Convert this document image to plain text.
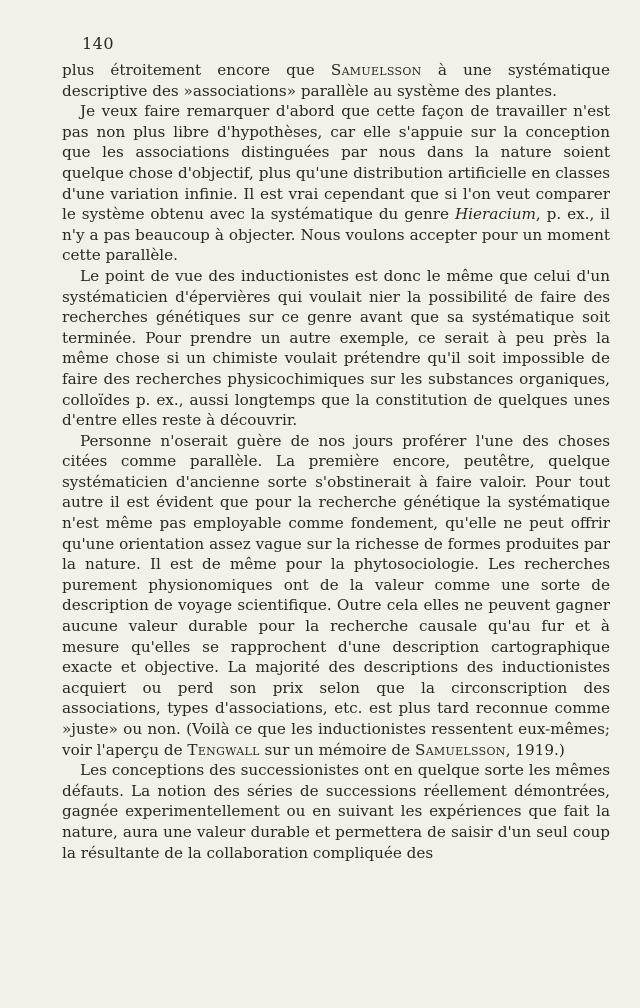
140

plus étroitement encore que Samuelsson à une systématique descriptive des »associations» parallèle au système des plantes.

Je veux faire remarquer d'abord que cette façon de travailler n'est pas non plus libre d'hypothèses, car elle s'appuie sur la conception que les associations distinguées par nous dans la nature soient quelque chose d'objectif, plus qu'une distribution artificielle en classes d'une variation infinie. Il est vrai cependant que si l'on veut comparer le système obtenu avec la systématique du genre Hieracium, p. ex., il n'y a pas beaucoup à objecter. Nous voulons accepter pour un moment cette parallèle.

Le point de vue des inductionistes est donc le même que celui d'un systématicien d'épervières qui voulait nier la possibilité de faire des recherches génétiques sur ce genre avant que sa systématique soit terminée. Pour prendre un autre exemple, ce serait à peu près la même chose si un chimiste voulait prétendre qu'il soit impossible de faire des recherches physicochimiques sur les substances organiques, colloïdes p. ex., aussi longtemps que la constitution de quelques unes d'entre elles reste à découvrir.

Personne n'oserait guère de nos jours proférer l'une des choses citées comme parallèle. La première encore, peutêtre, quelque systématicien d'ancienne sorte s'obstinerait à faire valoir. Pour tout autre il est évident que pour la recherche génétique la systématique n'est même pas employable comme fondement, qu'elle ne peut offrir qu'une orientation assez vague sur la richesse de formes produites par la nature. Il est de même pour la phytosociologie. Les recherches purement physionomiques ont de la valeur comme une sorte de description de voyage scientifique. Outre cela elles ne peuvent gagner aucune valeur durable pour la recherche causale qu'au fur et à mesure qu'elles se rapprochent d'une description cartographique exacte et objective. La majorité des descriptions des inductionistes acquiert ou perd son prix selon que la circonscription des associations, types d'associations, etc. est plus tard reconnue comme »juste» ou non. (Voilà ce que les inductionistes ressentent eux-mêmes; voir l'aperçu de Tengwall sur un mémoire de Samuelsson, 1919.)

Les conceptions des successionistes ont en quelque sorte les mêmes défauts. La notion des séries de successions réellement démontrées, gagnée experimentellement ou en suivant les expériences que fait la nature, aura une valeur durable et permettera de saisir d'un seul coup la résultante de la collaboration compliquée des
